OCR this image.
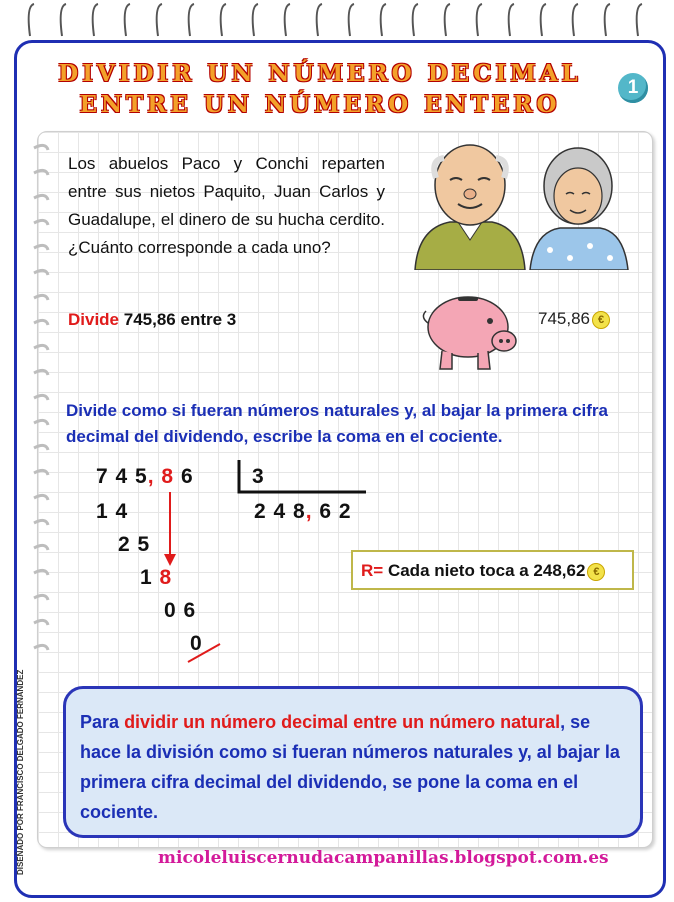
DIVIDIR UN NÚMERO DECIMAL
ENTRE UN NÚMERO ENTERO
1
Los abuelos Paco y Conchi reparten entre sus nietos Paquito, Juan Carlos y Guadalupe, el dinero de su hucha cerdito. ¿Cuánto corresponde a cada uno?
Divide 745,86 entre 3	745,86 €
Divide como si fueran números naturales y, al bajar la primera cifra decimal del dividendo, escribe la coma en el cociente.
7 4 5, 8 6	3
2 4 8, 6 2
1 4
2 5
1 8
0 6
0
R= Cada nieto toca a 248,62 €
Para dividir un número decimal entre un número natural, se hace la división como si fueran números naturales y, al bajar la primera cifra decimal del dividendo, se pone la coma en el cociente.
micoleluiscernudacampanillas.blogspot.com.es
DISEÑADO POR FRANCISCO DELGADO FERNÁNDEZ
